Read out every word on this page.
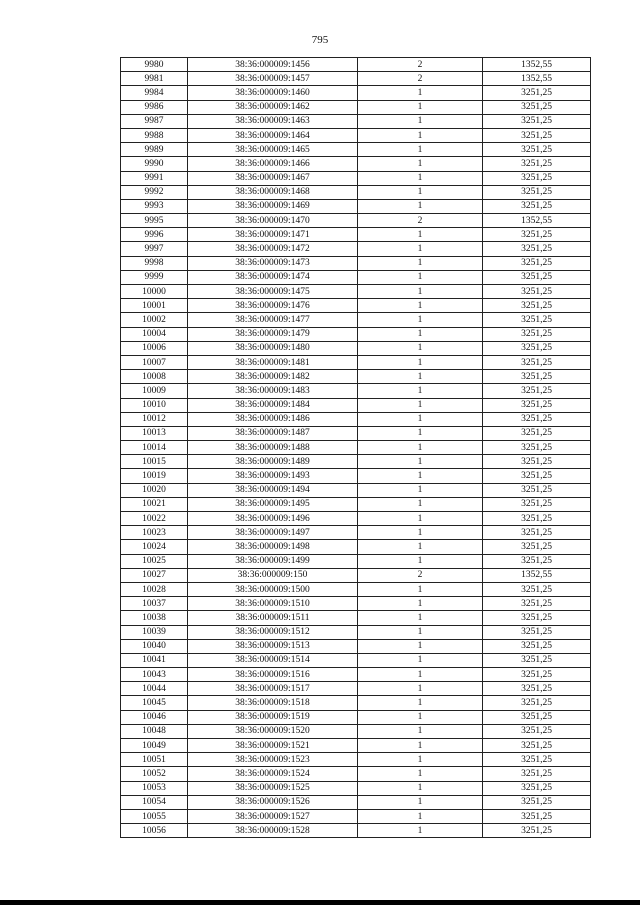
795
9980	38:36:000009:1456	2	1352,55
9981	38:36:000009:1457	2	1352,55
9984	38:36:000009:1460	1	3251,25
9986	38:36:000009:1462	1	3251,25
9987	38:36:000009:1463	1	3251,25
9988	38:36:000009:1464	1	3251,25
9989	38:36:000009:1465	1	3251,25
9990	38:36:000009:1466	1	3251,25
9991	38:36:000009:1467	1	3251,25
9992	38:36:000009:1468	1	3251,25
9993	38:36:000009:1469	1	3251,25
9995	38:36:000009:1470	2	1352,55
9996	38:36:000009:1471	1	3251,25
9997	38:36:000009:1472	1	3251,25
9998	38:36:000009:1473	1	3251,25
9999	38:36:000009:1474	1	3251,25
10000	38:36:000009:1475	1	3251,25
10001	38:36:000009:1476	1	3251,25
10002	38:36:000009:1477	1	3251,25
10004	38:36:000009:1479	1	3251,25
10006	38:36:000009:1480	1	3251,25
10007	38:36:000009:1481	1	3251,25
10008	38:36:000009:1482	1	3251,25
10009	38:36:000009:1483	1	3251,25
10010	38:36:000009:1484	1	3251,25
10012	38:36:000009:1486	1	3251,25
10013	38:36:000009:1487	1	3251,25
10014	38:36:000009:1488	1	3251,25
10015	38:36:000009:1489	1	3251,25
10019	38:36:000009:1493	1	3251,25
10020	38:36:000009:1494	1	3251,25
10021	38:36:000009:1495	1	3251,25
10022	38:36:000009:1496	1	3251,25
10023	38:36:000009:1497	1	3251,25
10024	38:36:000009:1498	1	3251,25
10025	38:36:000009:1499	1	3251,25
10027	38:36:000009:150	2	1352,55
10028	38:36:000009:1500	1	3251,25
10037	38:36:000009:1510	1	3251,25
10038	38:36:000009:1511	1	3251,25
10039	38:36:000009:1512	1	3251,25
10040	38:36:000009:1513	1	3251,25
10041	38:36:000009:1514	1	3251,25
10043	38:36:000009:1516	1	3251,25
10044	38:36:000009:1517	1	3251,25
10045	38:36:000009:1518	1	3251,25
10046	38:36:000009:1519	1	3251,25
10048	38:36:000009:1520	1	3251,25
10049	38:36:000009:1521	1	3251,25
10051	38:36:000009:1523	1	3251,25
10052	38:36:000009:1524	1	3251,25
10053	38:36:000009:1525	1	3251,25
10054	38:36:000009:1526	1	3251,25
10055	38:36:000009:1527	1	3251,25
10056	38:36:000009:1528	1	3251,25
